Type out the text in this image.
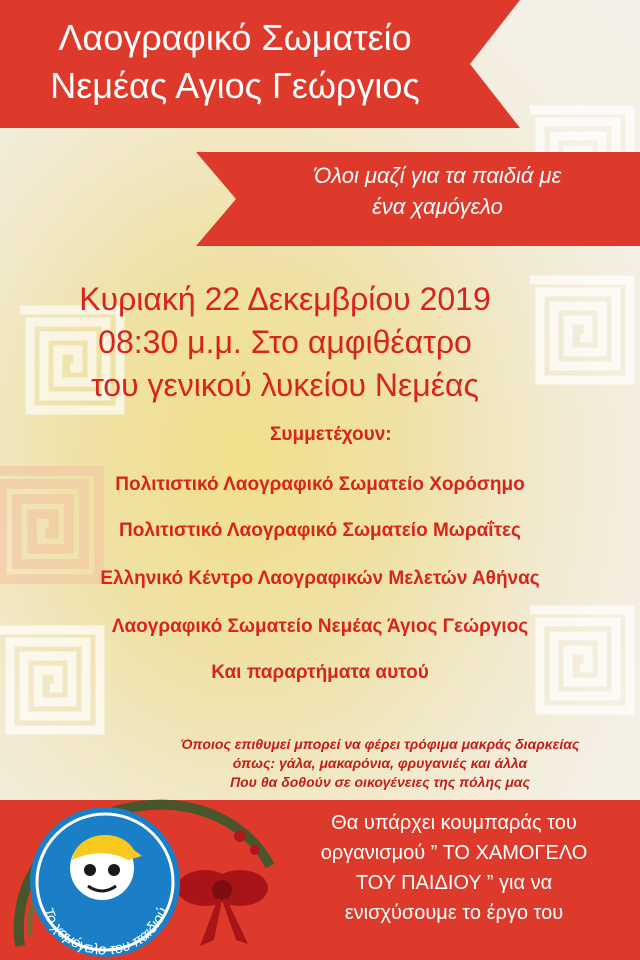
Λαογραφικό Σωματείο
Νεμέας Αγιος Γεώργιος
Όλοι μαζί για τα παιδιά με
ένα χαμόγελο
Κυριακή 22 Δεκεμβρίου 2019
08:30 μ.μ. Στο αμφιθέατρο
του γενικού λυκείου Νεμέας
Συμμετέχουν:
Πολιτιστικό Λαογραφικό Σωματείο Χορόσημο
Πολιτιστικό Λαογραφικό Σωματείο Μωραΐτες
Ελληνικό Κέντρο Λαογραφικών Μελετών Αθήνας
Λαογραφικό Σωματείο Νεμέας Άγιος Γεώργιος
Και παραρτήματα αυτού
Όποιος επιθυμεί μπορεί να φέρει τρόφιμα μακράς διαρκείας
όπως: γάλα, μακαρόνια, φρυγανιές και άλλα
Που θα δοθούν σε οικογένειες της πόλης μας
Το χαμόγελο του παιδιού
Θα υπάρχει κουμπαράς του
οργανισμού ” ΤΟ ΧΑΜΟΓΕΛΟ
ΤΟΥ ΠΑΙΔΙΟΥ ” για να
ενισχύσουμε το έργο του
